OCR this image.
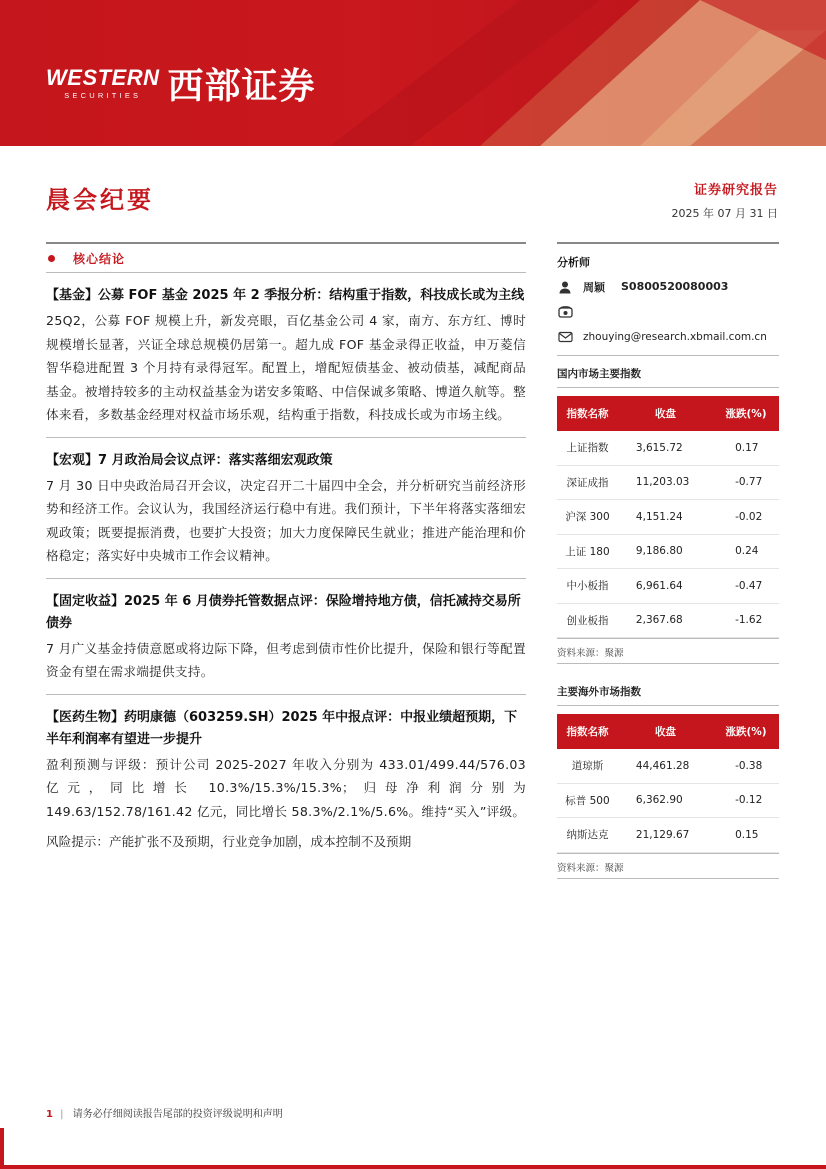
WESTERN
SECURITIES 西部证券
晨会纪要	证券研究报告
2025 年 07 月 31 日
核心结论

【基金】公募 FOF 基金 2025 年 2 季报分析：结构重于指数，科技成长或为主线

25Q2，公募 FOF 规模上升，新发亮眼，百亿基金公司 4 家，南方、东方红、博时规模增长显著，兴证全球总规模仍居第一。超九成 FOF 基金录得正收益，申万菱信智华稳进配置 3 个月持有录得冠军。配置上，增配短债基金、被动债基，减配商品基金。被增持较多的主动权益基金为诺安多策略、中信保诚多策略、博道久航等。整体来看，多数基金经理对权益市场乐观，结构重于指数，科技成长或为市场主线。

【宏观】7 月政治局会议点评：落实落细宏观政策

7 月 30 日中央政治局召开会议，决定召开二十届四中全会，并分析研究当前经济形势和经济工作。会议认为，我国经济运行稳中有进。我们预计，下半年将落实落细宏观政策；既要提振消费，也要扩大投资；加大力度保障民生就业；推进产能治理和价格稳定；落实好中央城市工作会议精神。

【固定收益】2025 年 6 月债券托管数据点评：保险增持地方债，信托减持交易所债券

7 月广义基金持债意愿或将边际下降，但考虑到债市性价比提升，保险和银行等配置资金有望在需求端提供支持。

【医药生物】药明康德（603259.SH）2025 年中报点评：中报业绩超预期，下半年利润率有望进一步提升

盈利预测与评级：预计公司 2025-2027 年收入分别为 433.01/499.44/576.03 亿元，同比增长 10.3%/15.3%/15.3%；归母净利润分别为 149.63/152.78/161.42 亿元，同比增长 58.3%/2.1%/5.6%。维持“买入”评级。

风险提示：产能扩张不及预期，行业竞争加剧，成本控制不及预期
分析师
周颖 S0800520080003
zhouying@research.xbmail.com.cn
国内市场主要指数
指数名称	收盘	涨跌(%)
上证指数	3,615.72	0.17
深证成指	11,203.03	-0.77
沪深 300	4,151.24	-0.02
上证 180	9,186.80	0.24
中小板指	6,961.64	-0.47
创业板指	2,367.68	-1.62
资料来源：聚源
主要海外市场指数
指数名称	收盘	涨跌(%)
道琼斯	44,461.28	-0.38
标普 500	6,362.90	-0.12
纳斯达克	21,129.67	0.15
资料来源：聚源
1 | 请务必仔细阅读报告尾部的投资评级说明和声明
